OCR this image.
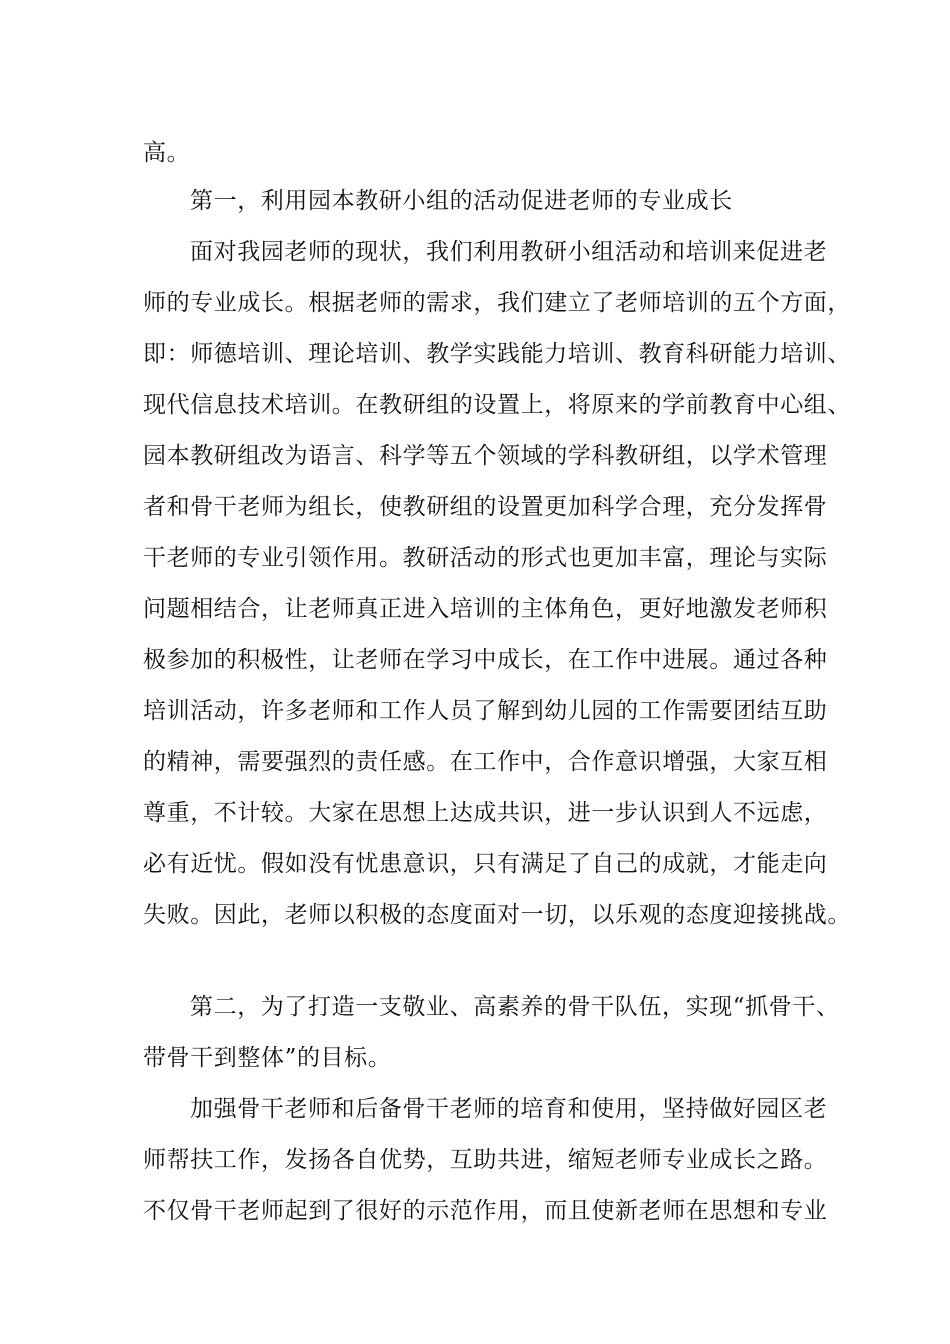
高。
第一，利用园本教研小组的活动促进老师的专业成长
面对我园老师的现状，我们利用教研小组活动和培训来促进老
师的专业成长。根据老师的需求，我们建立了老师培训的五个方面，
即：师德培训、理论培训、教学实践能力培训、教育科研能力培训、
现代信息技术培训。在教研组的设置上，将原来的学前教育中心组、
园本教研组改为语言、科学等五个领域的学科教研组，以学术管理
者和骨干老师为组长，使教研组的设置更加科学合理，充分发挥骨
干老师的专业引领作用。教研活动的形式也更加丰富，理论与实际
问题相结合，让老师真正进入培训的主体角色，更好地激发老师积
极参加的积极性，让老师在学习中成长，在工作中进展。通过各种
培训活动，许多老师和工作人员了解到幼儿园的工作需要团结互助
的精神，需要强烈的责任感。在工作中，合作意识增强，大家互相
尊重，不计较。大家在思想上达成共识，进一步认识到人不远虑，
必有近忧。假如没有忧患意识，只有满足了自己的成就，才能走向
失败。因此，老师以积极的态度面对一切，以乐观的态度迎接挑战。
第二，为了打造一支敬业、高素养的骨干队伍，实现“抓骨干、
带骨干到整体”的目标。
加强骨干老师和后备骨干老师的培育和使用，坚持做好园区老
师帮扶工作，发扬各自优势，互助共进，缩短老师专业成长之路。
不仅骨干老师起到了很好的示范作用，而且使新老师在思想和专业
